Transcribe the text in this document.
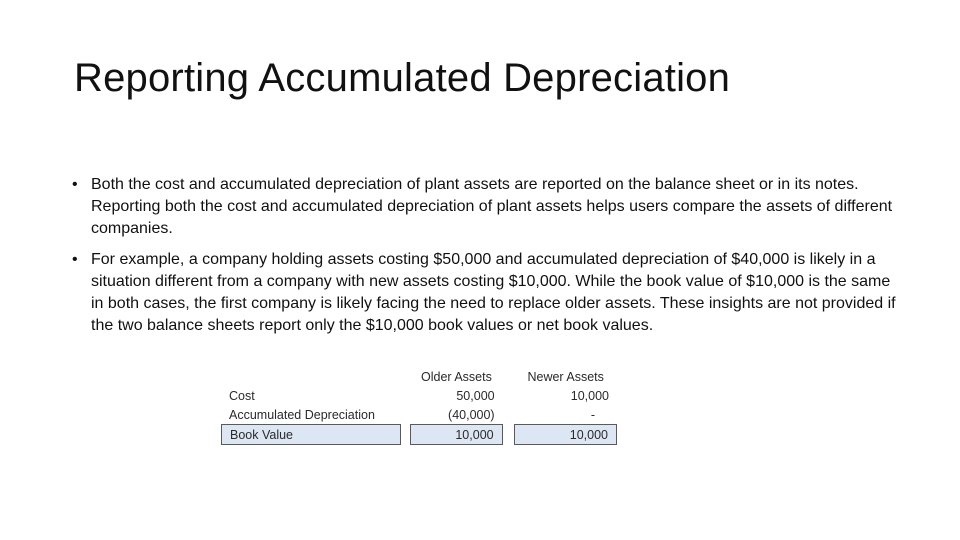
Reporting Accumulated Depreciation
• Both the cost and accumulated depreciation of plant assets are reported on the balance sheet or in its notes. Reporting both the cost and accumulated depreciation of plant assets helps users compare the assets of different companies.
• For example, a company holding assets costing $50,000 and accumulated depreciation of $40,000 is likely in a situation different from a company with new assets costing $10,000. While the book value of $10,000 is the same in both cases, the first company is likely facing the need to replace older assets. These insights are not provided if the two balance sheets report only the $10,000 book values or net book values.
		Older Assets		Newer Assets
Cost		50,000		10,000
Accumulated Depreciation		(40,000)		-
Book Value		10,000		10,000
